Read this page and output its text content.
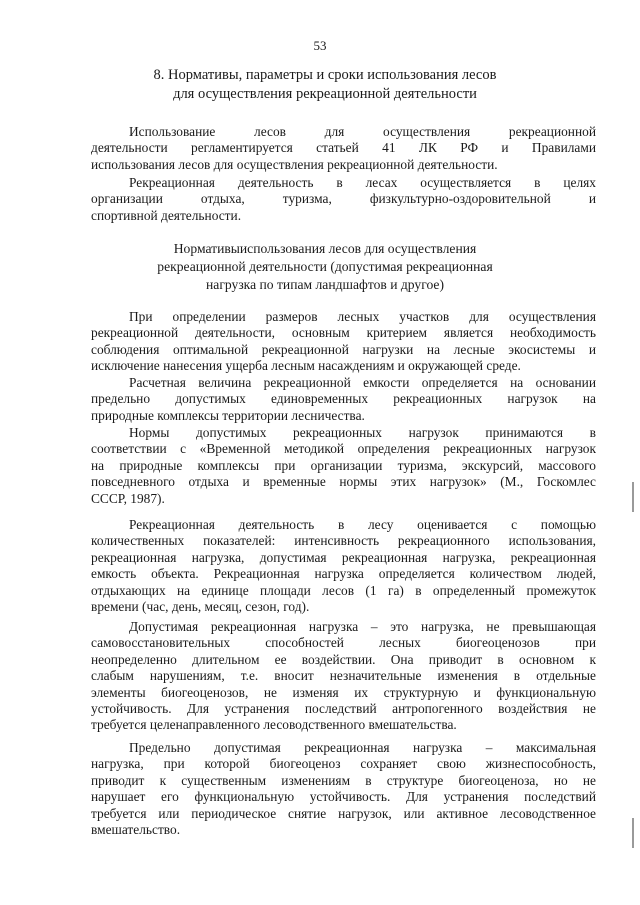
53
8. Нормативы, параметры и сроки использования лесов
для осуществления рекреационной деятельности

Использование лесов для осуществления рекреационной
деятельности регламентируется статьей 41 ЛК РФ и Правилами
использования лесов для осуществления рекреационной деятельности.

Рекреационная деятельность в лесах осуществляется в целях
организации отдыха, туризма, физкультурно-оздоровительной и
спортивной деятельности.

Нормативыиспользования лесов для осуществления
рекреационной деятельности (допустимая рекреационная
нагрузка по типам ландшафтов и другое)

При определении размеров лесных участков для осуществления
рекреационной деятельности, основным критерием является необходимость
соблюдения оптимальной рекреационной нагрузки на лесные экосистемы и
исключение нанесения ущерба лесным насаждениям и окружающей среде.

Расчетная величина рекреационной емкости определяется на основании
предельно допустимых единовременных рекреационных нагрузок на
природные комплексы территории лесничества.

Нормы допустимых рекреационных нагрузок принимаются в
соответствии с «Временной методикой определения рекреационных нагрузок
на природные комплексы при организации туризма, экскурсий, массового
повседневного отдыха и временные нормы этих нагрузок» (М., Госкомлес
СССР, 1987).

Рекреационная деятельность в лесу оценивается с помощью
количественных показателей: интенсивность рекреационного использования,
рекреационная нагрузка, допустимая рекреационная нагрузка, рекреационная
емкость объекта. Рекреационная нагрузка определяется количеством людей,
отдыхающих на единице площади лесов (1 га) в определенный промежуток
времени (час, день, месяц, сезон, год).

Допустимая рекреационная нагрузка – это нагрузка, не превышающая
самовосстановительных способностей лесных биогеоценозов при
неопределенно длительном ее воздействии. Она приводит в основном к
слабым нарушениям, т.е. вносит незначительные изменения в отдельные
элементы биогеоценозов, не изменяя их структурную и функциональную
устойчивость. Для устранения последствий антропогенного воздействия не
требуется целенаправленного лесоводственного вмешательства.

Предельно допустимая рекреационная нагрузка – максимальная
нагрузка, при которой биогеоценоз сохраняет свою жизнеспособность,
приводит к существенным изменениям в структуре биогеоценоза, но не
нарушает его функциональную устойчивость. Для устранения последствий
требуется или периодическое снятие нагрузок, или активное лесоводственное
вмешательство.
